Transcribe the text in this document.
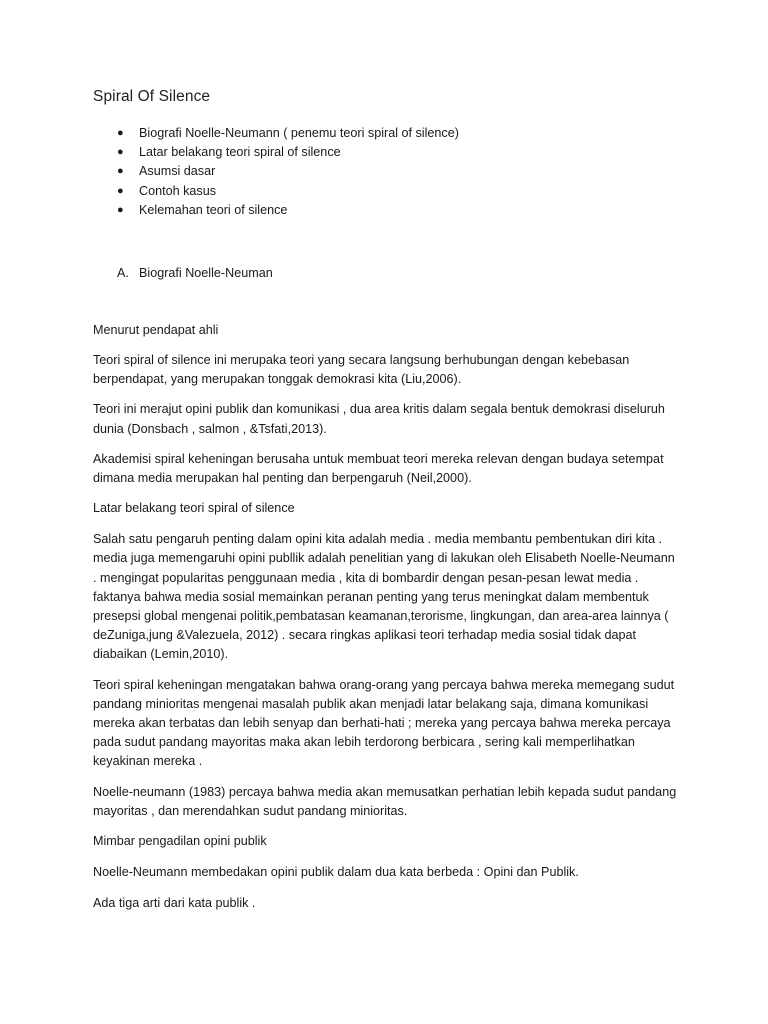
Spiral Of Silence
● Biografi Noelle-Neumann ( penemu teori spiral of silence)
● Latar belakang teori spiral of silence
● Asumsi dasar
● Contoh kasus
● Kelemahan teori of silence
A. Biografi Noelle-Neuman

Menurut pendapat ahli

Teori spiral of silence ini merupaka teori yang secara langsung berhubungan dengan kebebasan berpendapat, yang merupakan tonggak demokrasi kita (Liu,2006).

Teori ini merajut opini publik dan komunikasi , dua area kritis dalam segala bentuk demokrasi diseluruh dunia (Donsbach , salmon , &Tsfati,2013).

Akademisi spiral keheningan berusaha untuk membuat teori mereka relevan dengan budaya setempat dimana media merupakan hal penting dan berpengaruh (Neil,2000).

Latar belakang teori spiral of silence

Salah satu pengaruh penting dalam opini kita adalah media . media membantu pembentukan diri kita . media juga memengaruhi opini publlik adalah penelitian yang di lakukan oleh Elisabeth Noelle-Neumann . mengingat popularitas penggunaan media , kita di bombardir dengan pesan-pesan lewat media . faktanya bahwa media sosial memainkan peranan penting yang terus meningkat dalam membentuk presepsi global mengenai politik,pembatasan keamanan,terorisme, lingkungan, dan area-area lainnya ( deZuniga,jung &Valezuela, 2012) . secara ringkas aplikasi teori terhadap media sosial tidak dapat diabaikan (Lemin,2010).

Teori spiral keheningan mengatakan bahwa orang-orang yang percaya bahwa mereka memegang sudut pandang minioritas mengenai masalah publik akan menjadi latar belakang saja, dimana komunikasi mereka akan terbatas dan lebih senyap dan berhati-hati ; mereka yang percaya bahwa mereka percaya pada sudut pandang mayoritas maka akan lebih terdorong berbicara , sering kali memperlihatkan keyakinan mereka .

Noelle-neumann (1983) percaya bahwa media akan memusatkan perhatian lebih kepada sudut pandang mayoritas , dan merendahkan sudut pandang minioritas.

Mimbar pengadilan opini publik

Noelle-Neumann membedakan opini publik dalam dua kata berbeda : Opini dan Publik.

Ada tiga arti dari kata publik .
